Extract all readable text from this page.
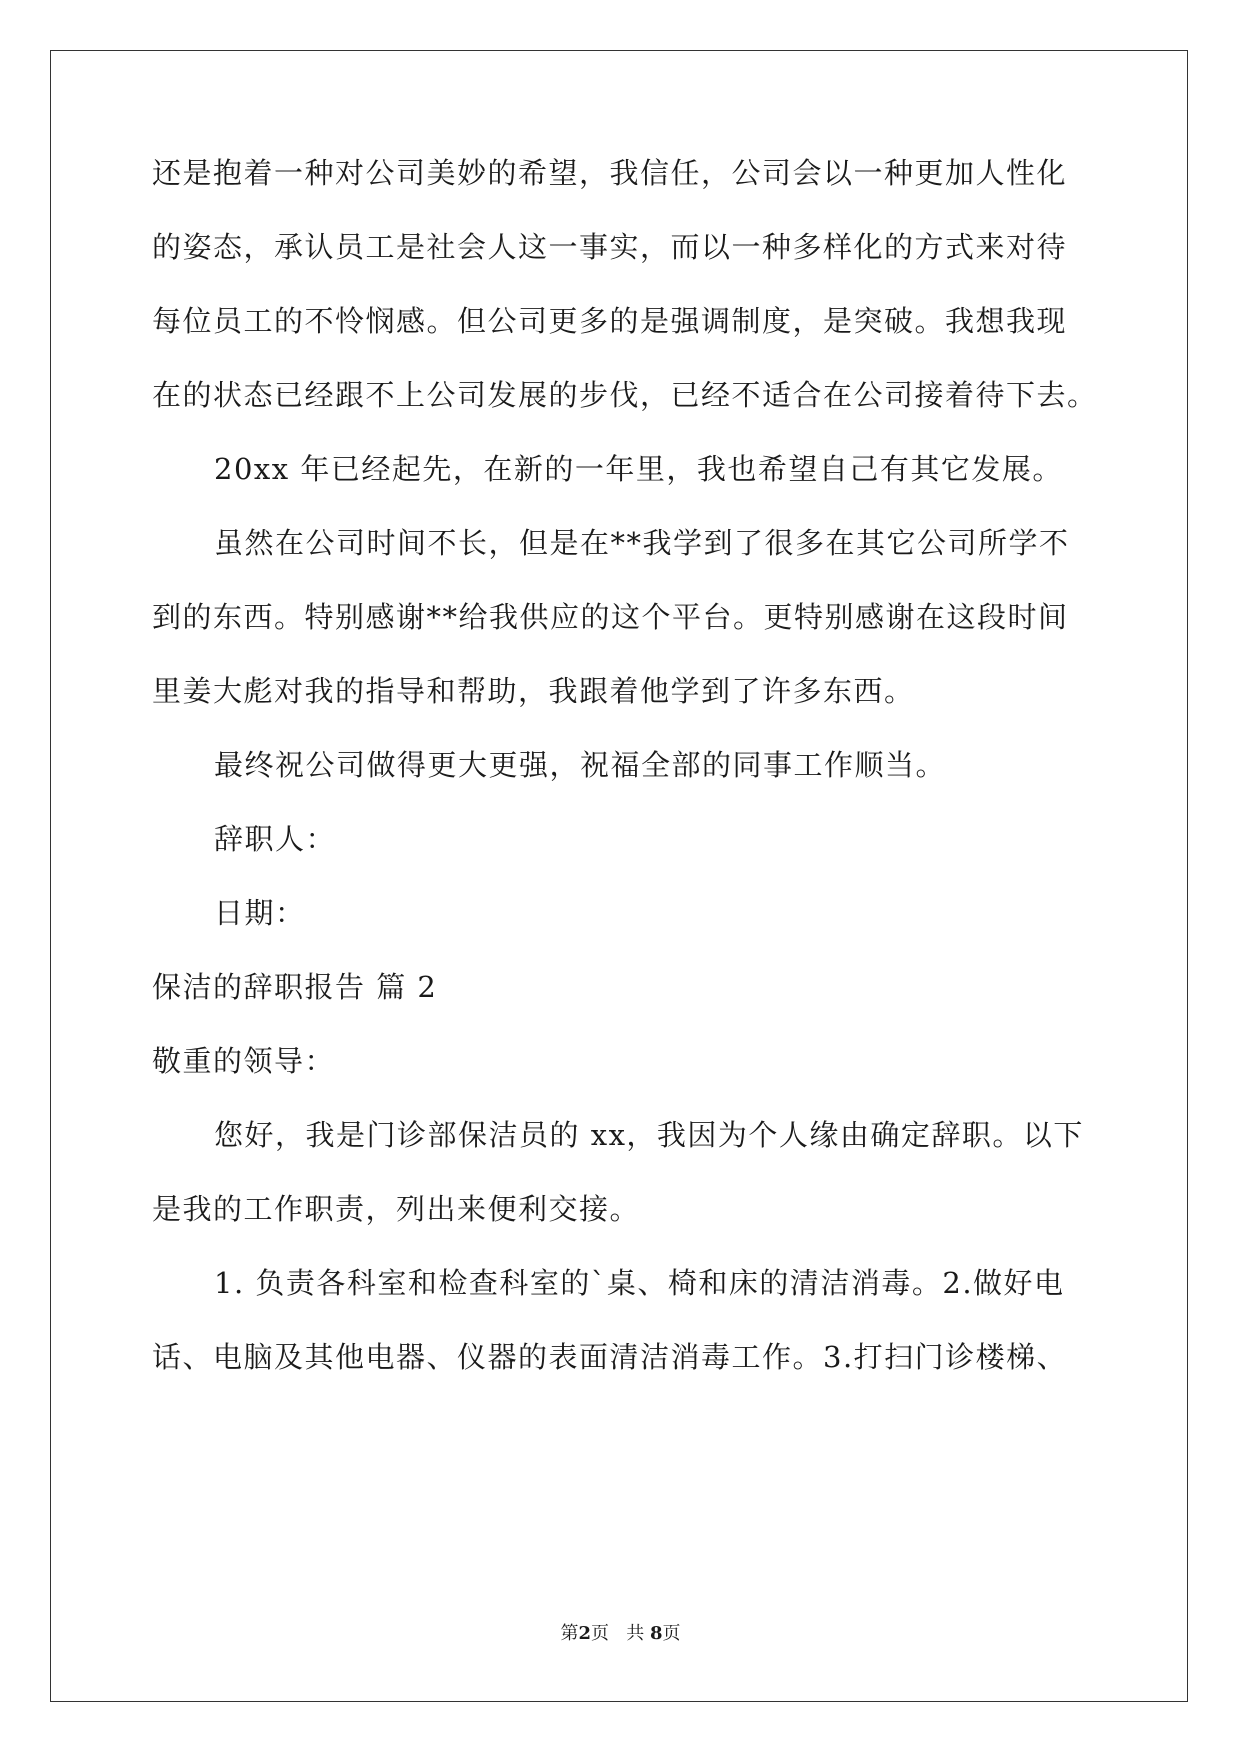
还是抱着一种对公司美妙的希望，我信任，公司会以一种更加人性化
的姿态，承认员工是社会人这一事实，而以一种多样化的方式来对待
每位员工的不怜悯感。但公司更多的是强调制度，是突破。我想我现
在的状态已经跟不上公司发展的步伐，已经不适合在公司接着待下去。
20xx 年已经起先，在新的一年里，我也希望自己有其它发展。
虽然在公司时间不长，但是在**我学到了很多在其它公司所学不
到的东西。特别感谢**给我供应的这个平台。更特别感谢在这段时间
里姜大彪对我的指导和帮助，我跟着他学到了许多东西。
最终祝公司做得更大更强，祝福全部的同事工作顺当。
辞职人：
日期：
保洁的辞职报告 篇 2
敬重的领导：
您好，我是门诊部保洁员的 xx，我因为个人缘由确定辞职。以下
是我的工作职责，列出来便利交接。
1. 负责各科室和检查科室的`桌、椅和床的清洁消毒。2.做好电
话、电脑及其他电器、仪器的表面清洁消毒工作。3.打扫门诊楼梯、
第2页 共 8页
